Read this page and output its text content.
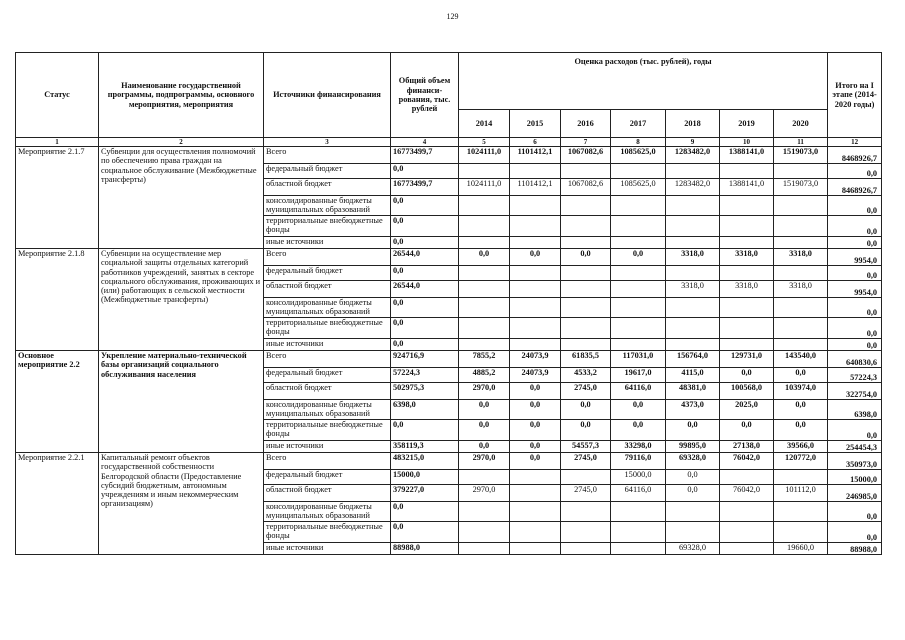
129
Статус	Наименование государственной программы, подпрограммы, основного мероприятия, мероприятия	Источники финансирования	Общий объем финанси-рования, тыс. рублей	Оценка расходов (тыс. рублей), годы							Итого на I этапе (2014-2020 годы)
				2014	2015	2016	2017	2018	2019	2020	
1	2	3	4	5	6	7	8	9	10	11	12
Мероприятие 2.1.7	Субвенции для осуществления полномочий по обеспечению права граждан на социальное обслуживание (Межбюджетные трансферты)	Всего	16773499,7	1024111,0	1101412,1	1067082,6	1085625,0	1283482,0	1388141,0	1519073,0	8468926,7
		федеральный бюджет	0,0								0,0
		областной бюджет	16773499,7	1024111,0	1101412,1	1067082,6	1085625,0	1283482,0	1388141,0	1519073,0	8468926,7
		консолидированные бюджеты муниципальных образований	0,0								0,0
		территориальные внебюджетные фонды	0,0								0,0
		иные источники	0,0								0,0
Мероприятие 2.1.8	Субвенции на осуществление мер социальной защиты отдельных категорий работников учреждений, занятых в секторе социального обслуживания, проживающих и (или) работающих в сельской местности (Межбюджетные трансферты)	Всего	26544,0	0,0	0,0	0,0	0,0	3318,0	3318,0	3318,0	9954,0
		федеральный бюджет	0,0								0,0
		областной бюджет	26544,0					3318,0	3318,0	3318,0	9954,0
		консолидированные бюджеты муниципальных образований	0,0								0,0
		территориальные внебюджетные фонды	0,0								0,0
		иные источники	0,0								0,0
Основное мероприятие 2.2	Укрепление материально-технической базы организаций социального обслуживания населения	Всего	924716,9	7855,2	24073,9	61835,5	117031,0	156764,0	129731,0	143540,0	640830,6
		федеральный бюджет	57224,3	4885,2	24073,9	4533,2	19617,0	4115,0	0,0	0,0	57224,3
		областной бюджет	502975,3	2970,0	0,0	2745,0	64116,0	48381,0	100568,0	103974,0	322754,0
		консолидированные бюджеты муниципальных образований	6398,0	0,0	0,0	0,0	0,0	4373,0	2025,0	0,0	6398,0
		территориальные внебюджетные фонды	0,0	0,0	0,0	0,0	0,0	0,0	0,0	0,0	0,0
		иные источники	358119,3	0,0	0,0	54557,3	33298,0	99895,0	27138,0	39566,0	254454,3
Мероприятие 2.2.1	Капитальный ремонт объектов государственной собственности Белгородской области (Предоставление субсидий бюджетным, автономным учреждениям и иным некоммерческим организациям)	Всего	483215,0	2970,0	0,0	2745,0	79116,0	69328,0	76042,0	120772,0	350973,0
		федеральный бюджет	15000,0				15000,0	0,0			15000,0
		областной бюджет	379227,0	2970,0		2745,0	64116,0	0,0	76042,0	101112,0	246985,0
		консолидированные бюджеты муниципальных образований	0,0								0,0
		территориальные внебюджетные фонды	0,0								0,0
		иные источники	88988,0					69328,0		19660,0	88988,0
